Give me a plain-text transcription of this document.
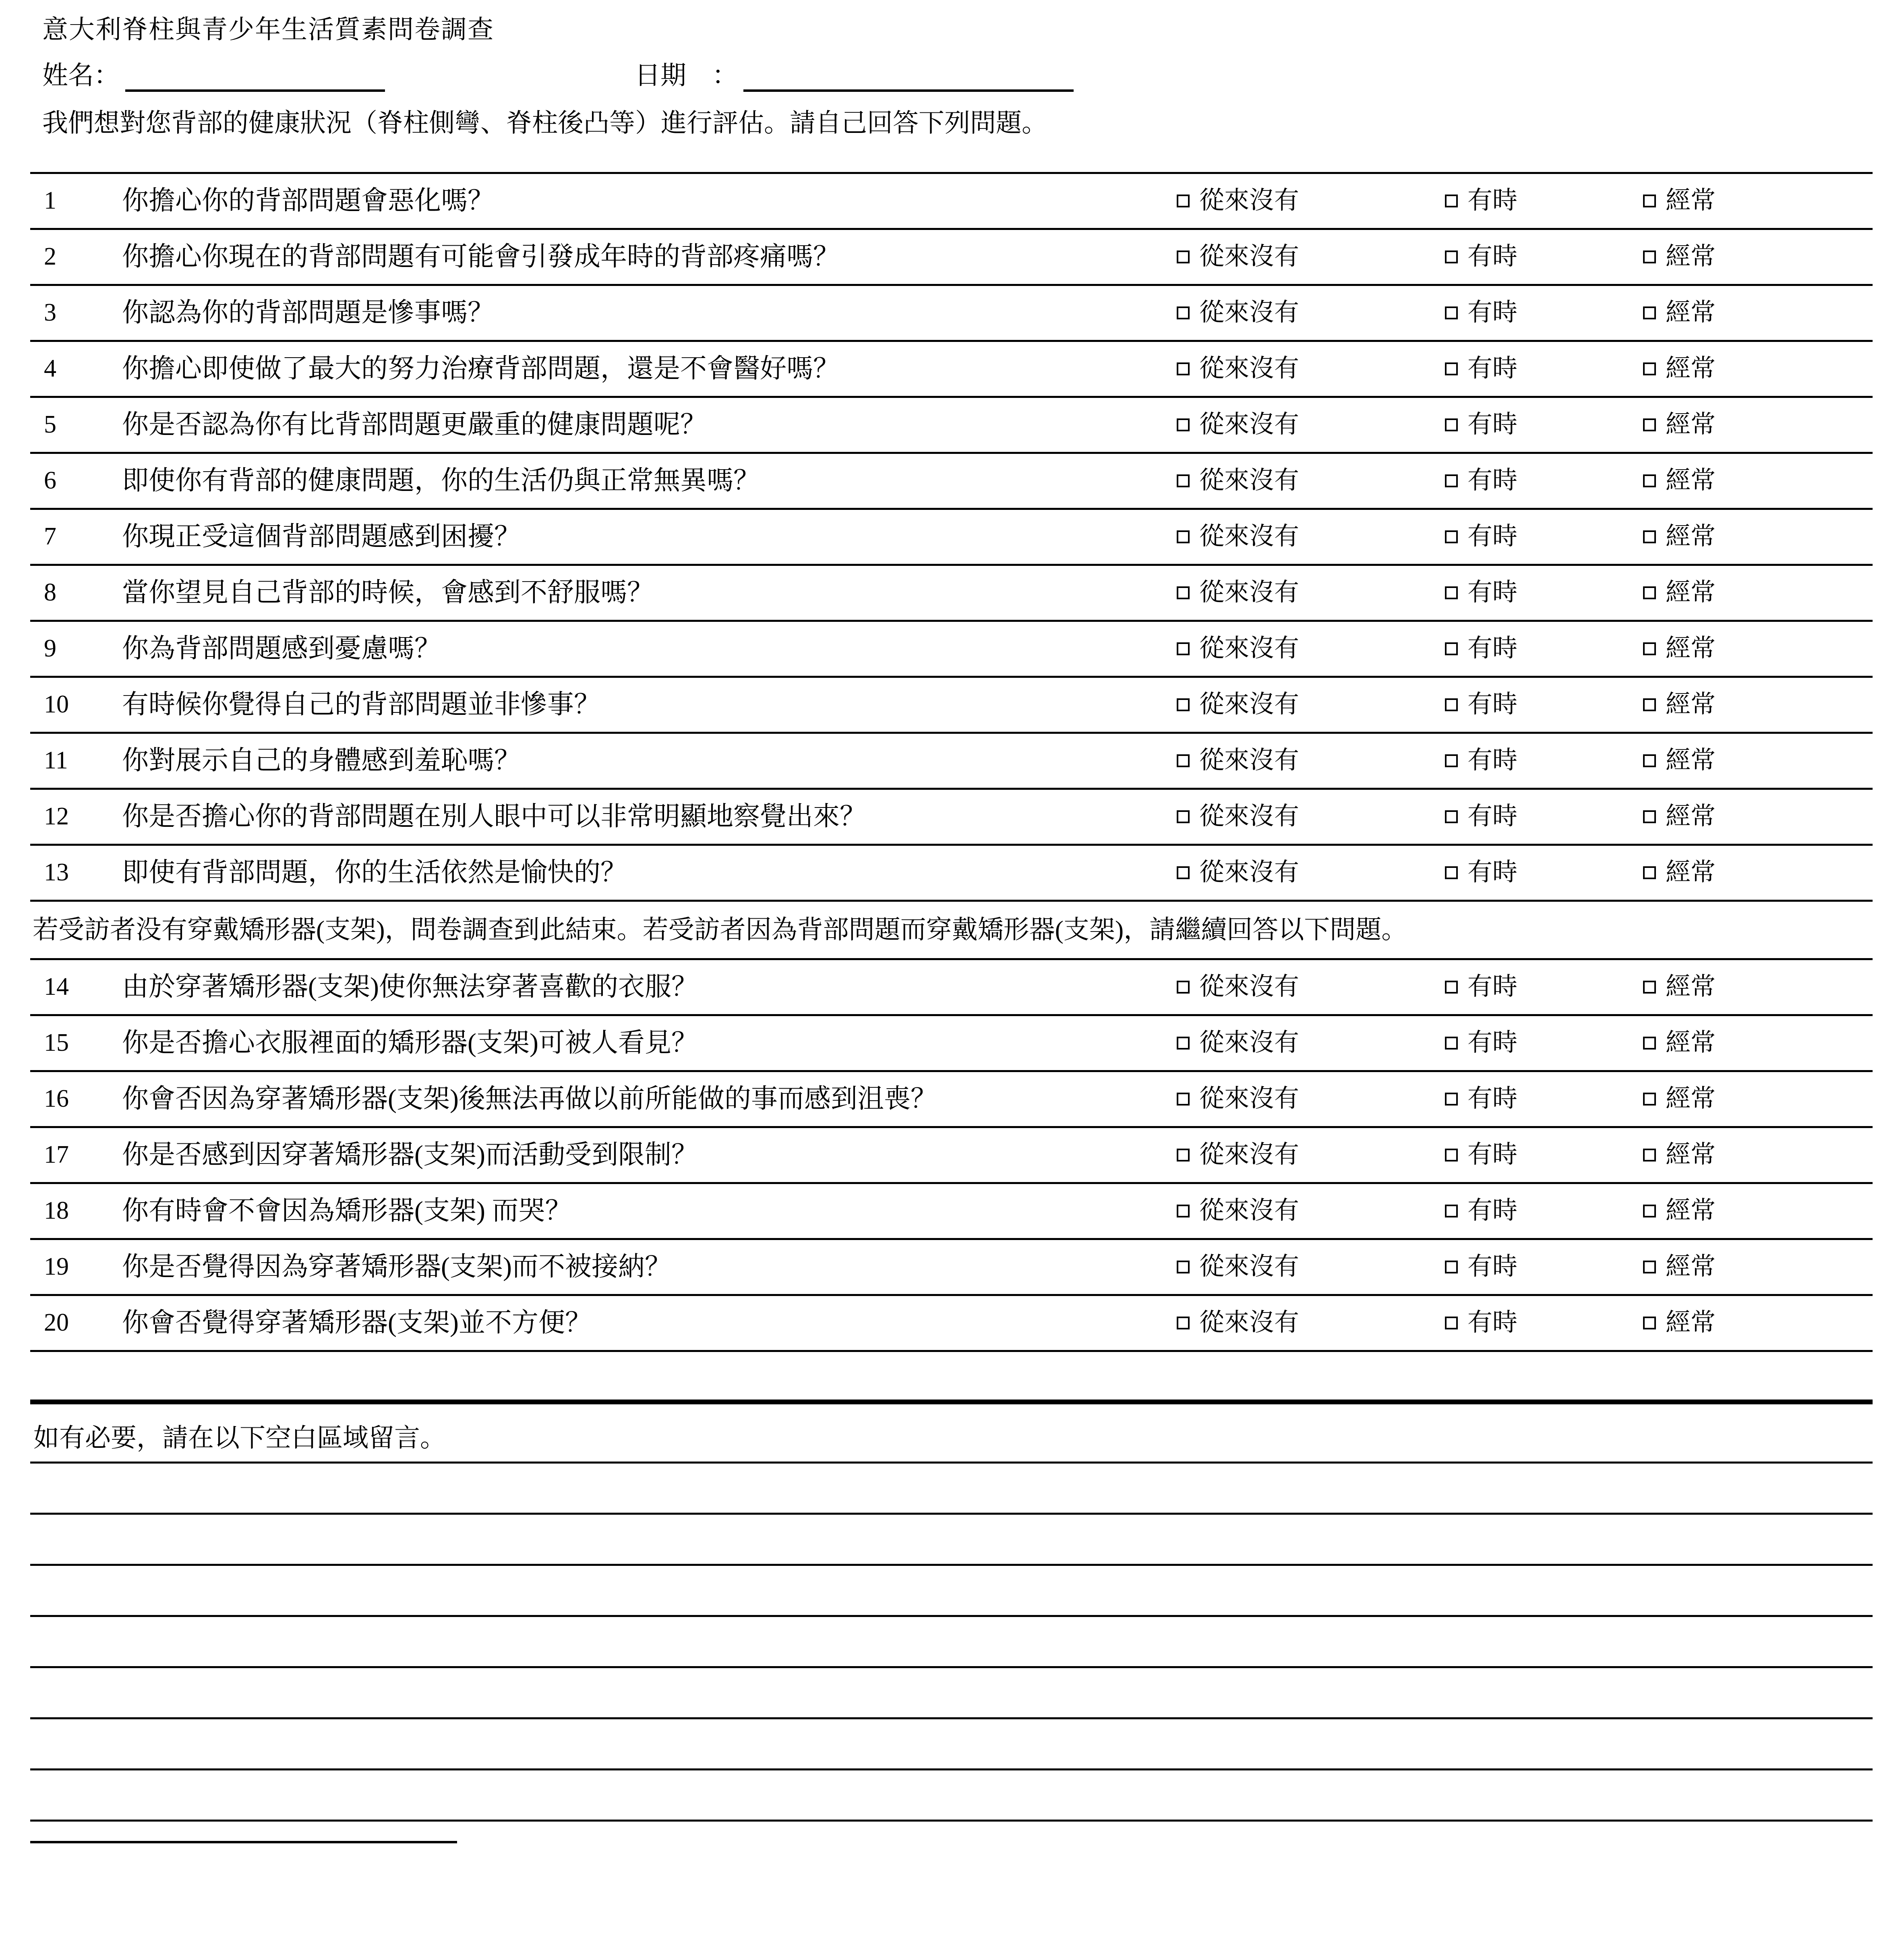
意大利脊柱與青少年生活質素問卷調查
姓名：	日期　：
我們想對您背部的健康狀況（脊柱側彎、脊柱後凸等）進行評估。請自己回答下列問題。
1	你擔心你的背部問題會惡化嗎？	從來沒有	有時	經常
2	你擔心你現在的背部問題有可能會引發成年時的背部疼痛嗎？	從來沒有	有時	經常
3	你認為你的背部問題是慘事嗎？	從來沒有	有時	經常
4	你擔心即使做了最大的努力治療背部問題，還是不會醫好嗎？	從來沒有	有時	經常
5	你是否認為你有比背部問題更嚴重的健康問題呢？	從來沒有	有時	經常
6	即使你有背部的健康問題，你的生活仍與正常無異嗎？	從來沒有	有時	經常
7	你現正受這個背部問題感到困擾？	從來沒有	有時	經常
8	當你望見自己背部的時候，會感到不舒服嗎？	從來沒有	有時	經常
9	你為背部問題感到憂慮嗎？	從來沒有	有時	經常
10	有時候你覺得自己的背部問題並非慘事？	從來沒有	有時	經常
11	你對展示自己的身體感到羞恥嗎？	從來沒有	有時	經常
12	你是否擔心你的背部問題在別人眼中可以非常明顯地察覺出來？	從來沒有	有時	經常
13	即使有背部問題，你的生活依然是愉快的？	從來沒有	有時	經常
若受訪者没有穿戴矯形器(支架)，問卷調查到此結束。若受訪者因為背部問題而穿戴矯形器(支架)，請繼續回答以下問題。
14	由於穿著矯形器(支架)使你無法穿著喜歡的衣服？	從來沒有	有時	經常
15	你是否擔心衣服裡面的矯形器(支架)可被人看見？	從來沒有	有時	經常
16	你會否因為穿著矯形器(支架)後無法再做以前所能做的事而感到沮喪？	從來沒有	有時	經常
17	你是否感到因穿著矯形器(支架)而活動受到限制？	從來沒有	有時	經常
18	你有時會不會因為矯形器(支架) 而哭？	從來沒有	有時	經常
19	你是否覺得因為穿著矯形器(支架)而不被接納？	從來沒有	有時	經常
20	你會否覺得穿著矯形器(支架)並不方便？	從來沒有	有時	經常
如有必要，請在以下空白區域留言。
